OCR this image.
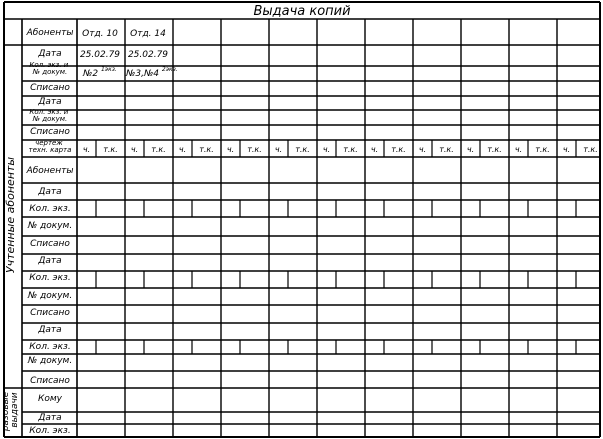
Выдача копий
Учтенные абоненты
разовые выдачи
Абоненты
Дата
Кол. экз. и № докум.
Списано
Дата
Кол. экз. и № докум.
Списано
чертеж техн. карта
Абоненты
Дата
Кол. экз.
№ докум.
Списано
Дата
Кол. экз.
№ докум.
Списано
Дата
Кол. экз.
№ докум.
Списано
Кому
Дата
Кол. экз.
Отд. 10 Отд. 14
25.02.79 25.02.79
№2 $^{1экз.}$ №3,№4 $^{2экз.}$
ч. т.к. ч. т.к. ч. т.к. ч. т.к. ч. т.к. ч. т.к. ч. т.к. ч. т.к. ч. т.к. ч. т.к. ч. т.к.
